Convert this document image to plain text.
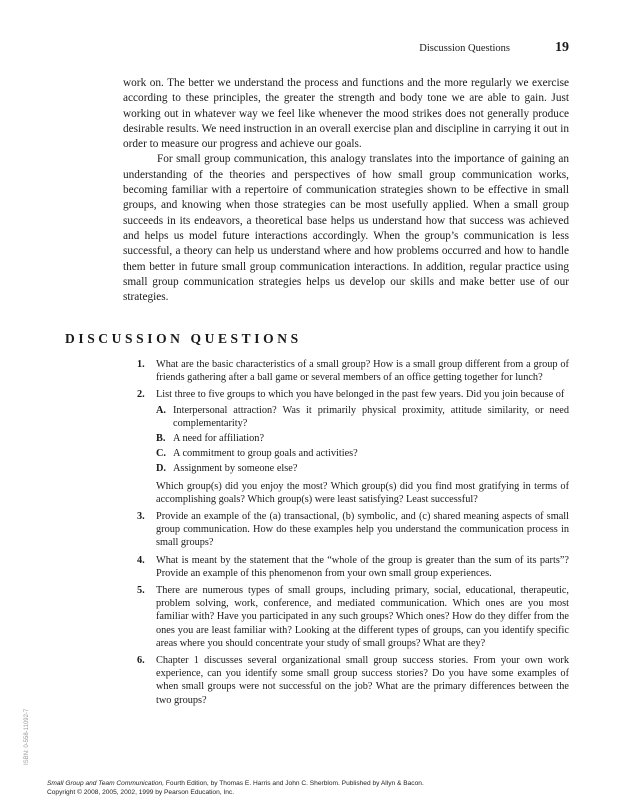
Discussion Questions	19

work on. The better we understand the process and functions and the more regularly we exercise according to these principles, the greater the strength and body tone we are able to gain. Just working out in whatever way we feel like whenever the mood strikes does not generally produce desirable results. We need instruction in an overall exercise plan and discipline in carrying it out in order to measure our progress and achieve our goals.

For small group communication, this analogy translates into the importance of gaining an understanding of the theories and perspectives of how small group communication works, becoming familiar with a repertoire of communication strategies shown to be effective in small groups, and knowing when those strategies can be most usefully applied. When a small group succeeds in its endeavors, a theoretical base helps us understand how that success was achieved and helps us model future interactions accordingly. When the group’s communication is less successful, a theory can help us understand where and how problems occurred and how to handle them better in future small group communication interactions. In addition, regular practice using small group communication strategies helps us develop our skills and make better use of our strategies.

DISCUSSION QUESTIONS
1. What are the basic characteristics of a small group? How is a small group different from a group of friends gathering after a ball game or several members of an office getting together for lunch?
2. List three to five groups to which you have belonged in the past few years. Did you join because of
A. Interpersonal attraction? Was it primarily physical proximity, attitude similarity, or need complementarity?
B. A need for affiliation?
C. A commitment to group goals and activities?
D. Assignment by someone else?
Which group(s) did you enjoy the most? Which group(s) did you find most gratifying in terms of accomplishing goals? Which group(s) were least satisfying? Least successful?
3. Provide an example of the (a) transactional, (b) symbolic, and (c) shared meaning aspects of small group communication. How do these examples help you understand the communication process in small groups?
4. What is meant by the statement that the “whole of the group is greater than the sum of its parts”? Provide an example of this phenomenon from your own small group experiences.
5. There are numerous types of small groups, including primary, social, educational, therapeutic, problem solving, work, conference, and mediated communication. Which ones are you most familiar with? Have you participated in any such groups? Which ones? How do they differ from the ones you are least familiar with? Looking at the different types of groups, can you identify specific areas where you should concentrate your study of small groups? What are they?
6. Chapter 1 discusses several organizational small group success stories. From your own work experience, can you identify some small group success stories? Do you have some examples of when small groups were not successful on the job? What are the primary differences between the two groups?
ISBN: 0-558-11092-7
Small Group and Team Communication, Fourth Edition, by Thomas E. Harris and John C. Sherblom. Published by Allyn & Bacon.
Copyright © 2008, 2005, 2002, 1999 by Pearson Education, Inc.
